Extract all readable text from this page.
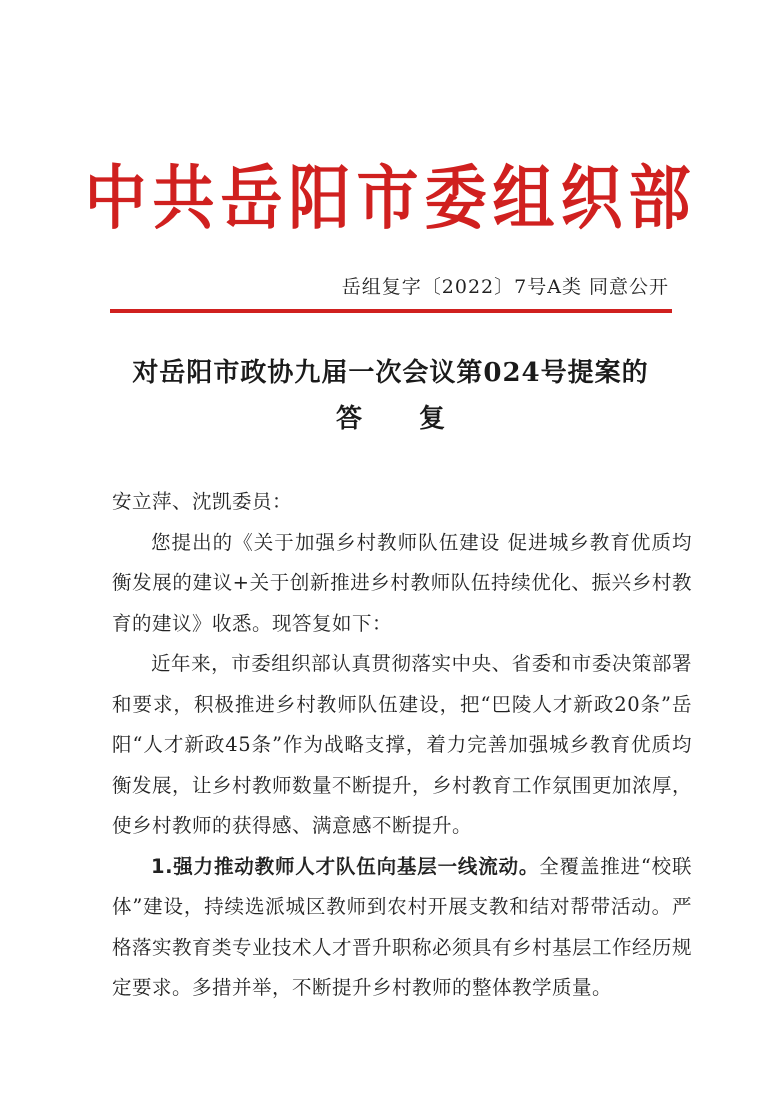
中共岳阳市委组织部
岳组复字〔2022〕7号A类 同意公开
对岳阳市政协九届一次会议第024号提案的
答 复

安立萍、沈凯委员：

您提出的《关于加强乡村教师队伍建设 促进城乡教育优质均衡发展的建议+关于创新推进乡村教师队伍持续优化、振兴乡村教育的建议》收悉。现答复如下：

近年来，市委组织部认真贯彻落实中央、省委和市委决策部署和要求，积极推进乡村教师队伍建设，把“巴陵人才新政20条”岳阳“人才新政45条”作为战略支撑，着力完善加强城乡教育优质均衡发展，让乡村教师数量不断提升，乡村教育工作氛围更加浓厚，使乡村教师的获得感、满意感不断提升。

1.强力推动教师人才队伍向基层一线流动。全覆盖推进“校联体”建设，持续选派城区教师到农村开展支教和结对帮带活动。严格落实教育类专业技术人才晋升职称必须具有乡村基层工作经历规定要求。多措并举，不断提升乡村教师的整体教学质量。
